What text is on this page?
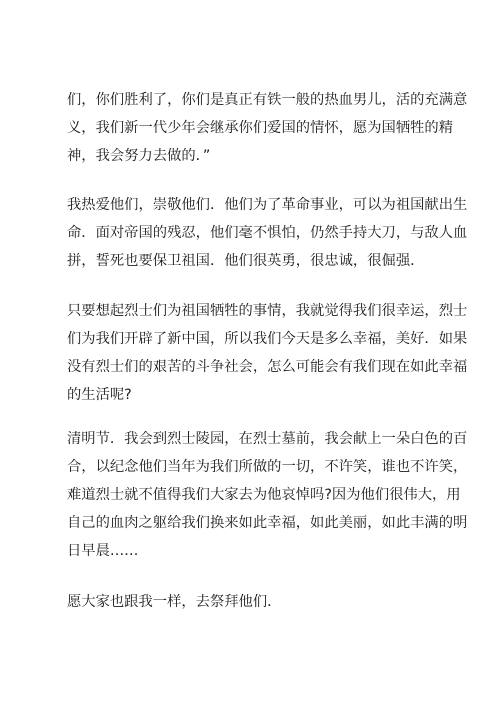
们，你们胜利了，你们是真正有铁一般的热血男儿，活的充满意
义，我们新一代少年会继承你们爱国的情怀，愿为国牺牲的精
神，我会努力去做的．”

我热爱他们，崇敬他们．他们为了革命事业，可以为祖国献出生
命．面对帝国的残忍，他们毫不惧怕，仍然手持大刀，与敌人血
拼，誓死也要保卫祖国．他们很英勇，很忠诚，很倔强．

只要想起烈士们为祖国牺牲的事情，我就觉得我们很幸运，烈士
们为我们开辟了新中国，所以我们今天是多么幸福，美好．如果
没有烈士们的艰苦的斗争社会，怎么可能会有我们现在如此幸福
的生活呢?

清明节．我会到烈士陵园，在烈士墓前，我会献上一朵白色的百
合，以纪念他们当年为我们所做的一切，不许笑，谁也不许笑，
难道烈士就不值得我们大家去为他哀悼吗?因为他们很伟大，用
自己的血肉之躯给我们换来如此幸福，如此美丽，如此丰满的明
日早晨……

愿大家也跟我一样，去祭拜他们．
